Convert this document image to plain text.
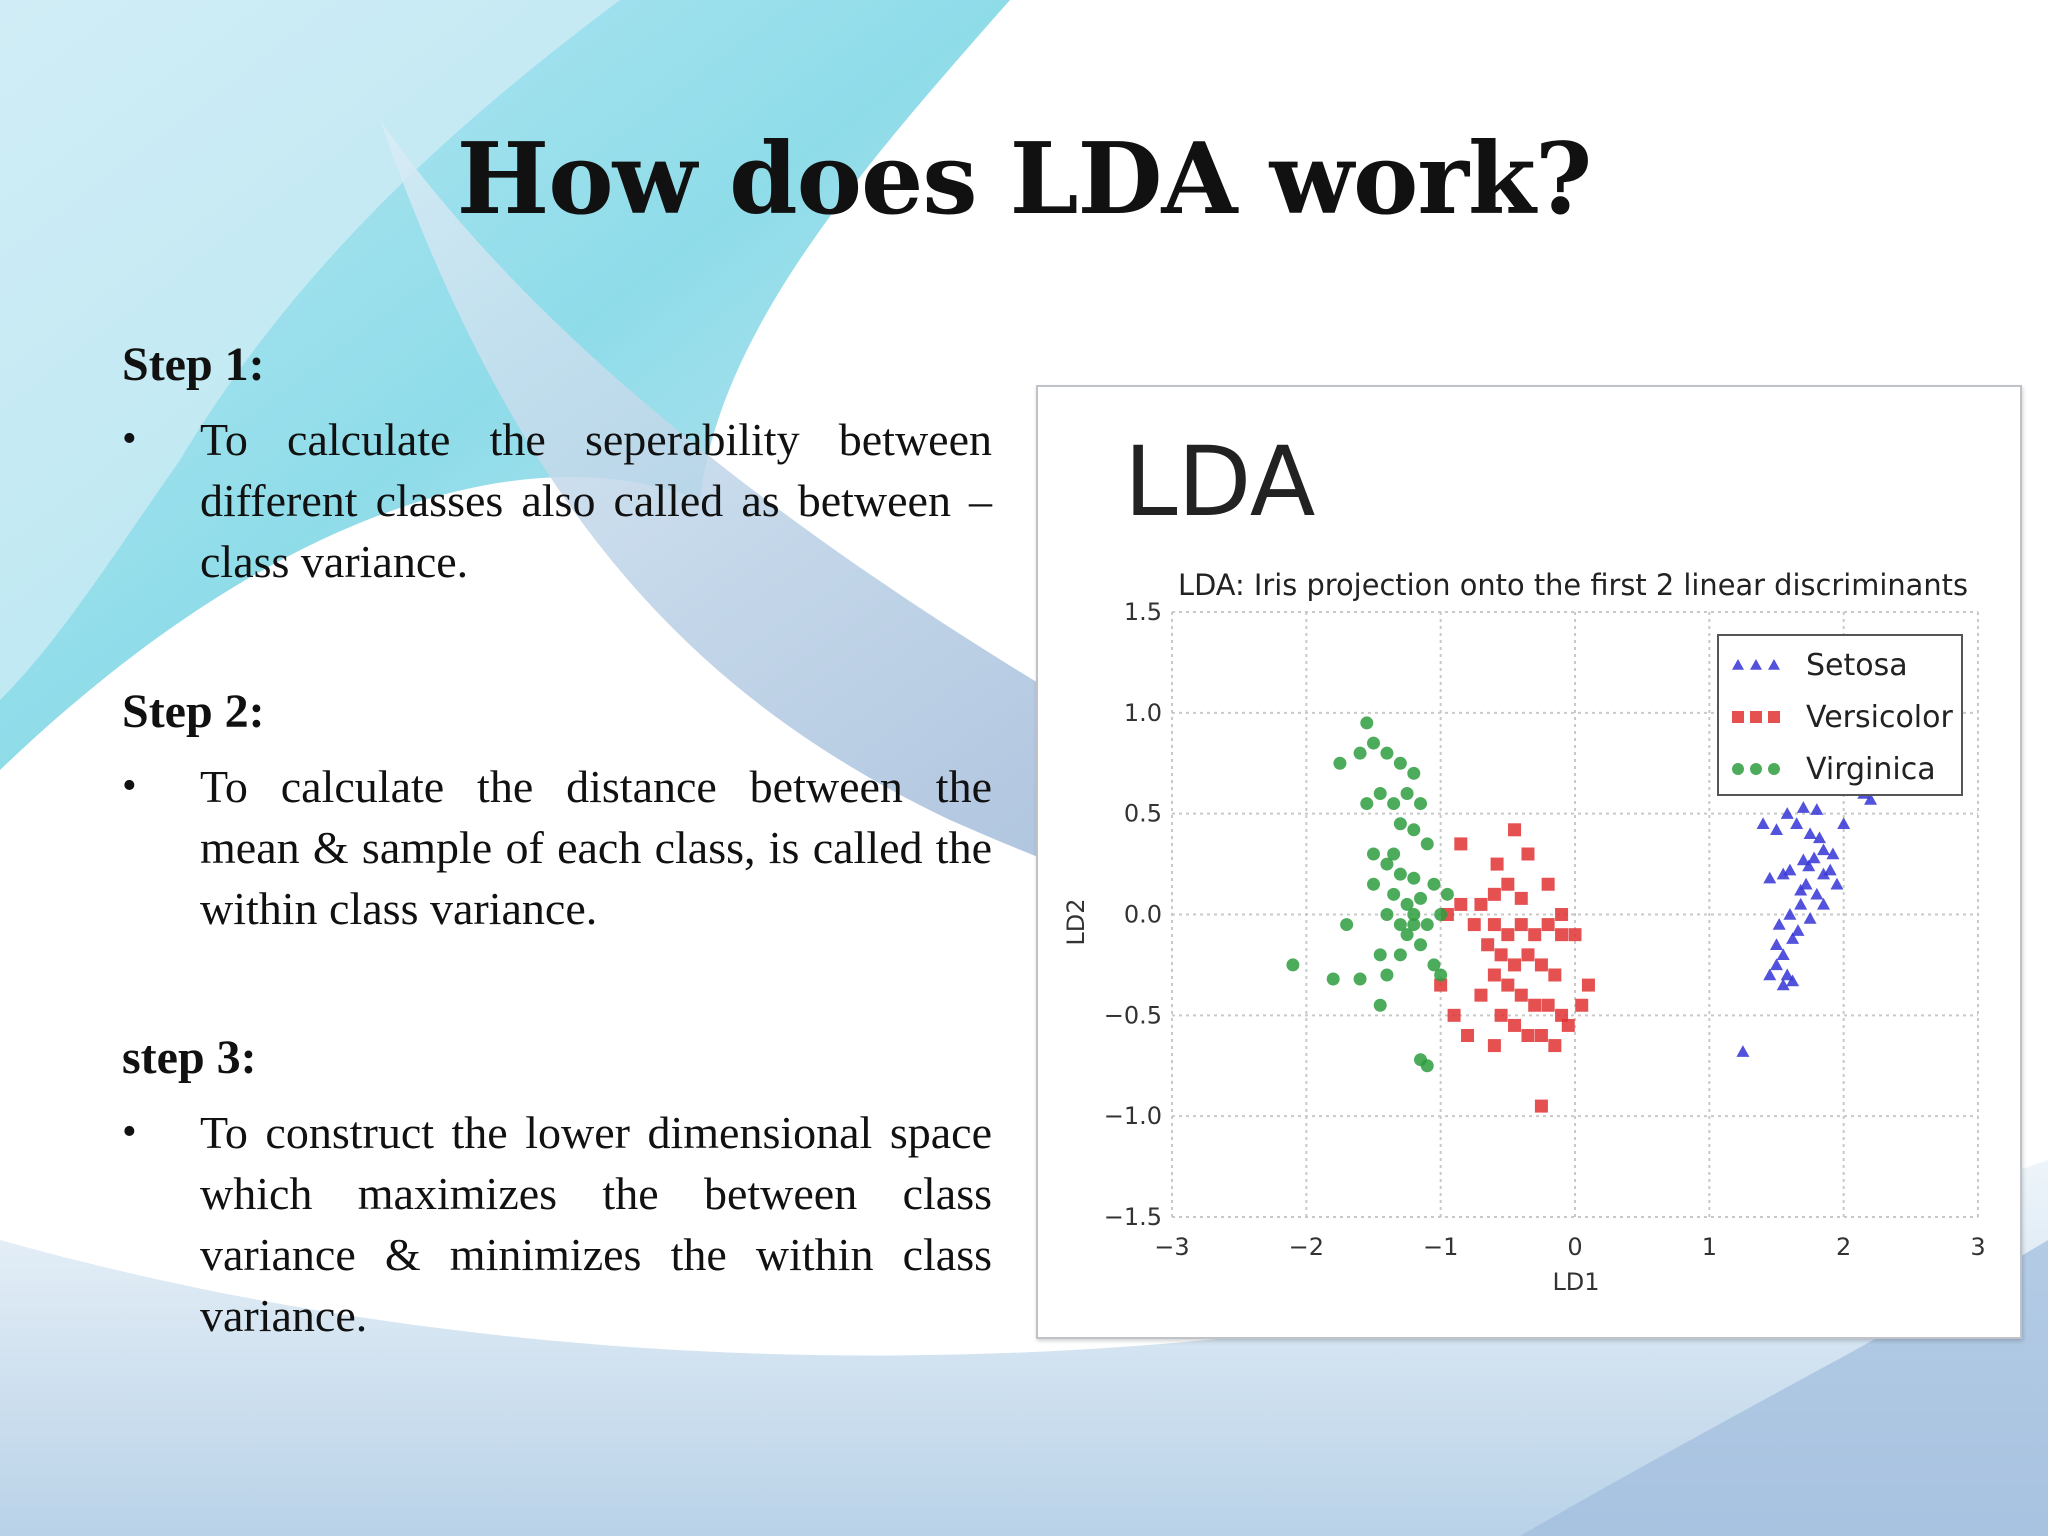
How does LDA work?
Step 1:
• To calculate the seperability between different classes also called as between – class variance.
Step 2:
• To calculate the distance between the mean & sample of each class, is called the within class variance.
step 3:
• To construct the lower dimensional space which maximizes the between class variance & minimizes the within class variance.
LDA
LDA: Iris projection onto the first 2 linear discriminants
−3	−2	−1	0	1	2	3
1.5
1.0
0.5
0.0
−0.5
−1.0
−1.5
LD1
LD2
Setosa
Versicolor
Virginica
